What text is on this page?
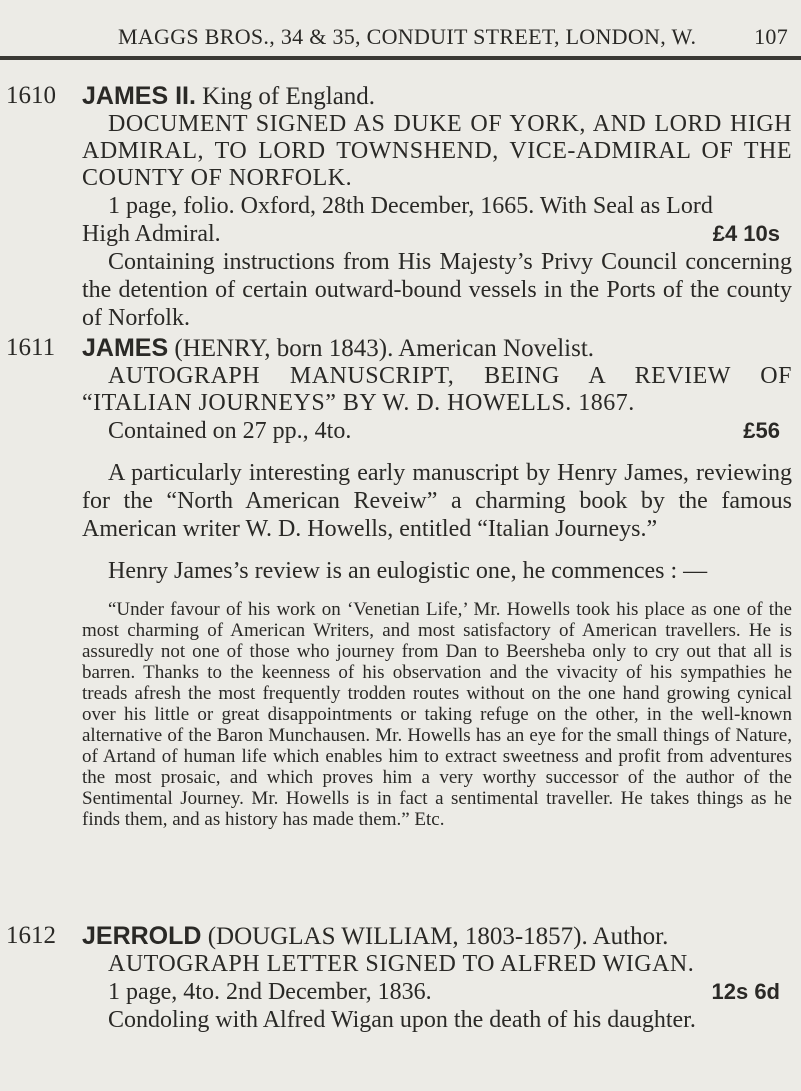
MAGGS BROS., 34 & 35, CONDUIT STREET, LONDON, W.	107
1610 JAMES II. King of England.

DOCUMENT SIGNED AS DUKE OF YORK, AND LORD HIGH ADMIRAL, TO LORD TOWNSHEND, VICE-ADMIRAL OF THE COUNTY OF NORFOLK.

1 page, folio. Oxford, 28th December, 1665. With Seal as Lord

High Admiral.	£4 10s

Containing instructions from His Majesty’s Privy Council concerning the detention of certain outward-bound vessels in the Ports of the county of Norfolk.

1611 JAMES (HENRY, born 1843). American Novelist.

AUTOGRAPH MANUSCRIPT, BEING A REVIEW OF “ITALIAN JOURNEYS” BY W. D. HOWELLS. 1867.

Contained on 27 pp., 4to.	£56

A particularly interesting early manuscript by Henry James, reviewing for the “North American Reveiw” a charming book by the famous American writer W. D. Howells, entitled “Italian Journeys.”

Henry James’s review is an eulogistic one, he commences : —

“Under favour of his work on ‘Venetian Life,’ Mr. Howells took his place as one of the most charming of American Writers, and most satisfactory of American travellers. He is assuredly not one of those who journey from Dan to Beersheba only to cry out that all is barren. Thanks to the keenness of his observation and the vivacity of his sympathies he treads afresh the most frequently trodden routes without on the one hand growing cynical over his little or great disappointments or taking refuge on the other, in the well-known alternative of the Baron Munchausen. Mr. Howells has an eye for the small things of Nature, of Artand of human life which enables him to extract sweetness and profit from adventures the most prosaic, and which proves him a very worthy successor of the author of the Sentimental Journey. Mr. Howells is in fact a sentimental traveller. He takes things as he finds them, and as history has made them.” Etc.

1612 JERROLD (DOUGLAS WILLIAM, 1803-1857). Author.

AUTOGRAPH LETTER SIGNED TO ALFRED WIGAN.

1 page, 4to. 2nd December, 1836.	12s 6d

Condoling with Alfred Wigan upon the death of his daughter.
